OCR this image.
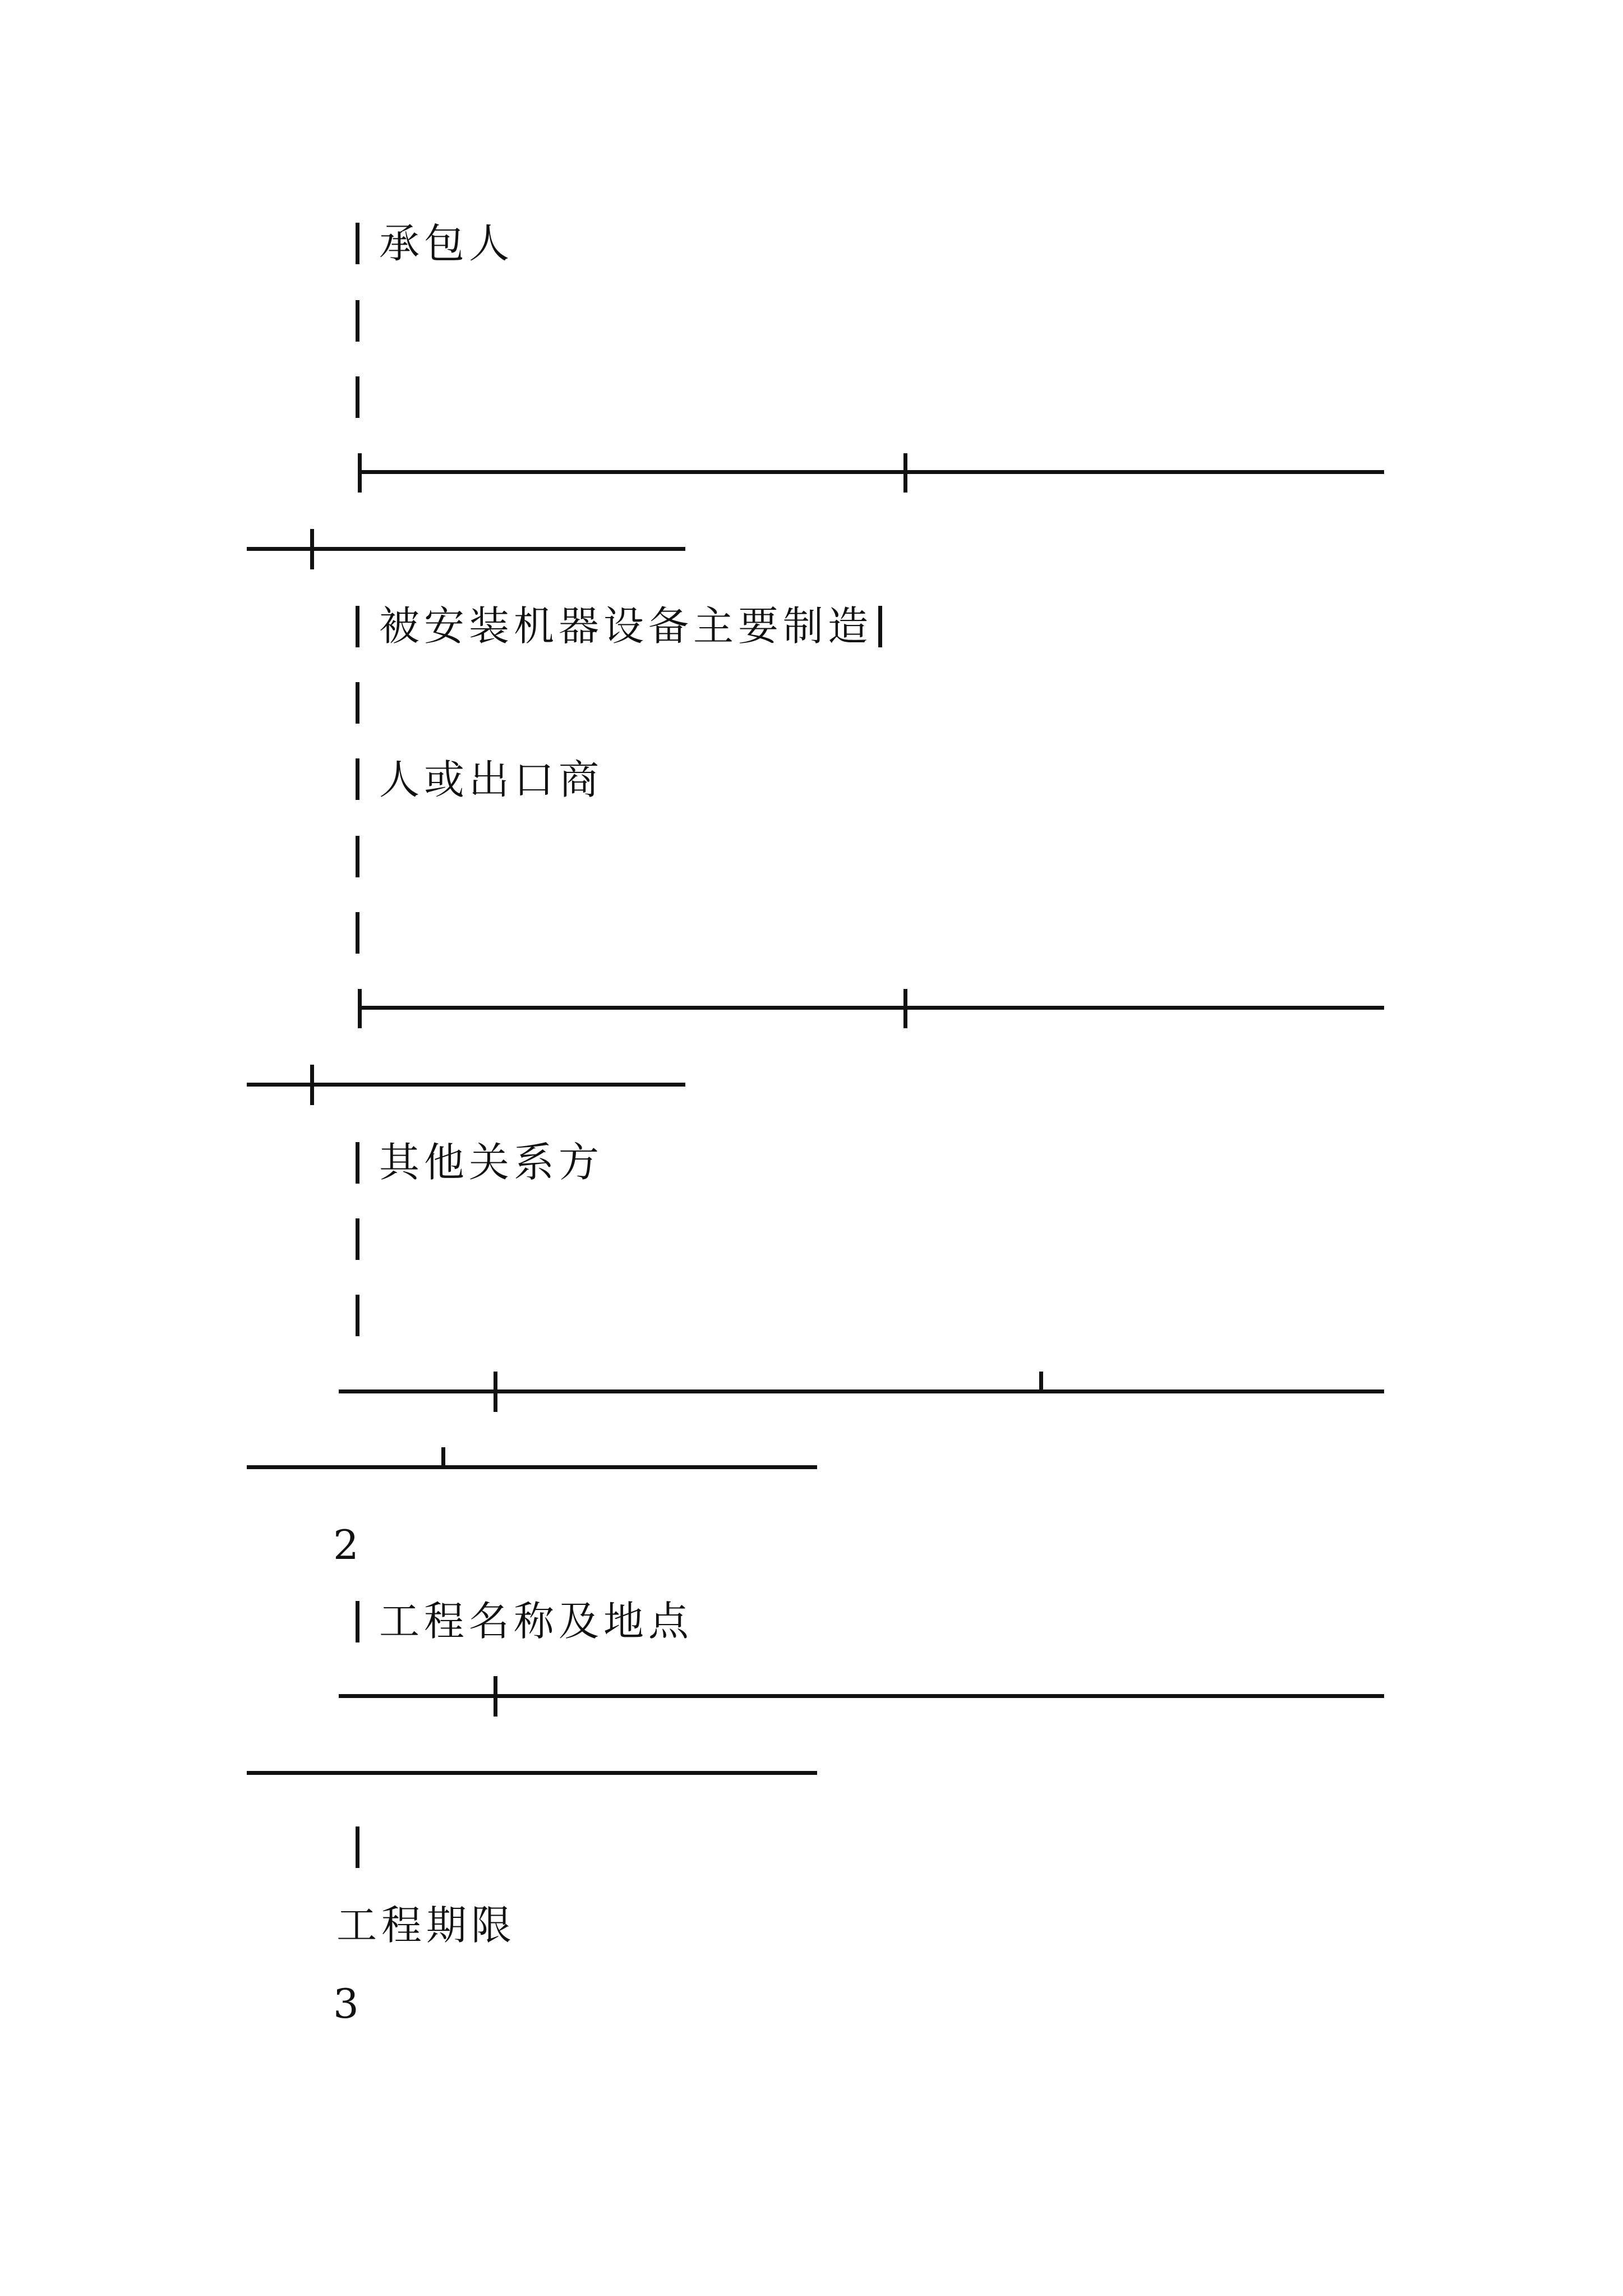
承包人
被安装机器设备主要制造
人或出口商
其他关系方
2
工程名称及地点
工程期限
3
